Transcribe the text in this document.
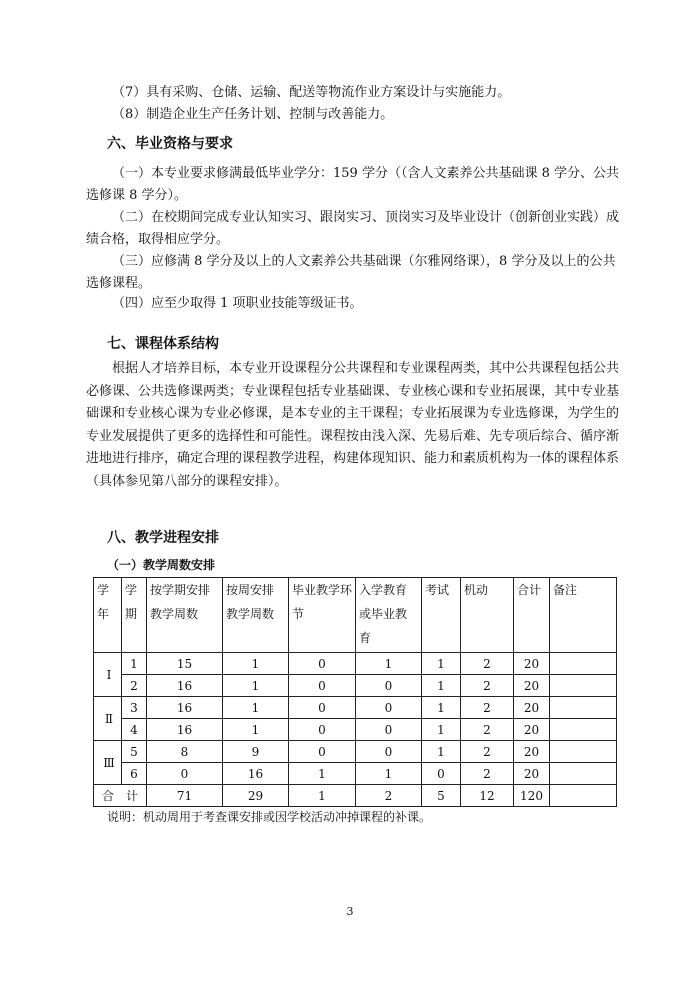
（7）具有采购、仓储、运输、配送等物流作业方案设计与实施能力。

（8）制造企业生产任务计划、控制与改善能力。

六、毕业资格与要求

（一）本专业要求修满最低毕业学分：159 学分（（含人文素养公共基础课 8 学分、公共选修课 8 学分）。

（二）在校期间完成专业认知实习、跟岗实习、顶岗实习及毕业设计（创新创业实践）成绩合格，取得相应学分。

（三）应修满 8 学分及以上的人文素养公共基础课（尔雅网络课），8 学分及以上的公共选修课程。

（四）应至少取得 1 项职业技能等级证书。

七、课程体系结构

根据人才培养目标，本专业开设课程分公共课程和专业课程两类，其中公共课程包括公共必修课、公共选修课两类；专业课程包括专业基础课、专业核心课和专业拓展课，其中专业基础课和专业核心课为专业必修课，是本专业的主干课程；专业拓展课为专业选修课，为学生的专业发展提供了更多的选择性和可能性。课程按由浅入深、先易后难、先专项后综合、循序渐进地进行排序，确定合理的课程教学进程，构建体现知识、能力和素质机构为一体的课程体系（具体参见第八部分的课程安排）。

八、教学进程安排

（一）教学周数安排

学年	学期	按学期安排教学周数	按周安排教学周数	毕业教学环节	入学教育或毕业教育	考试	机动	合计	备注
Ⅰ	1	15	1	0	1	1	2	20	
	2	16	1	0	0	1	2	20	
Ⅱ	3	16	1	0	0	1	2	20	
	4	16	1	0	0	1	2	20	
Ⅲ	5	8	9	0	0	1	2	20	
	6	0	16	1	1	0	2	20	
合　计		71	29	1	2	5	12	120	

说明：机动周用于考查课安排或因学校活动冲掉课程的补课。

3
